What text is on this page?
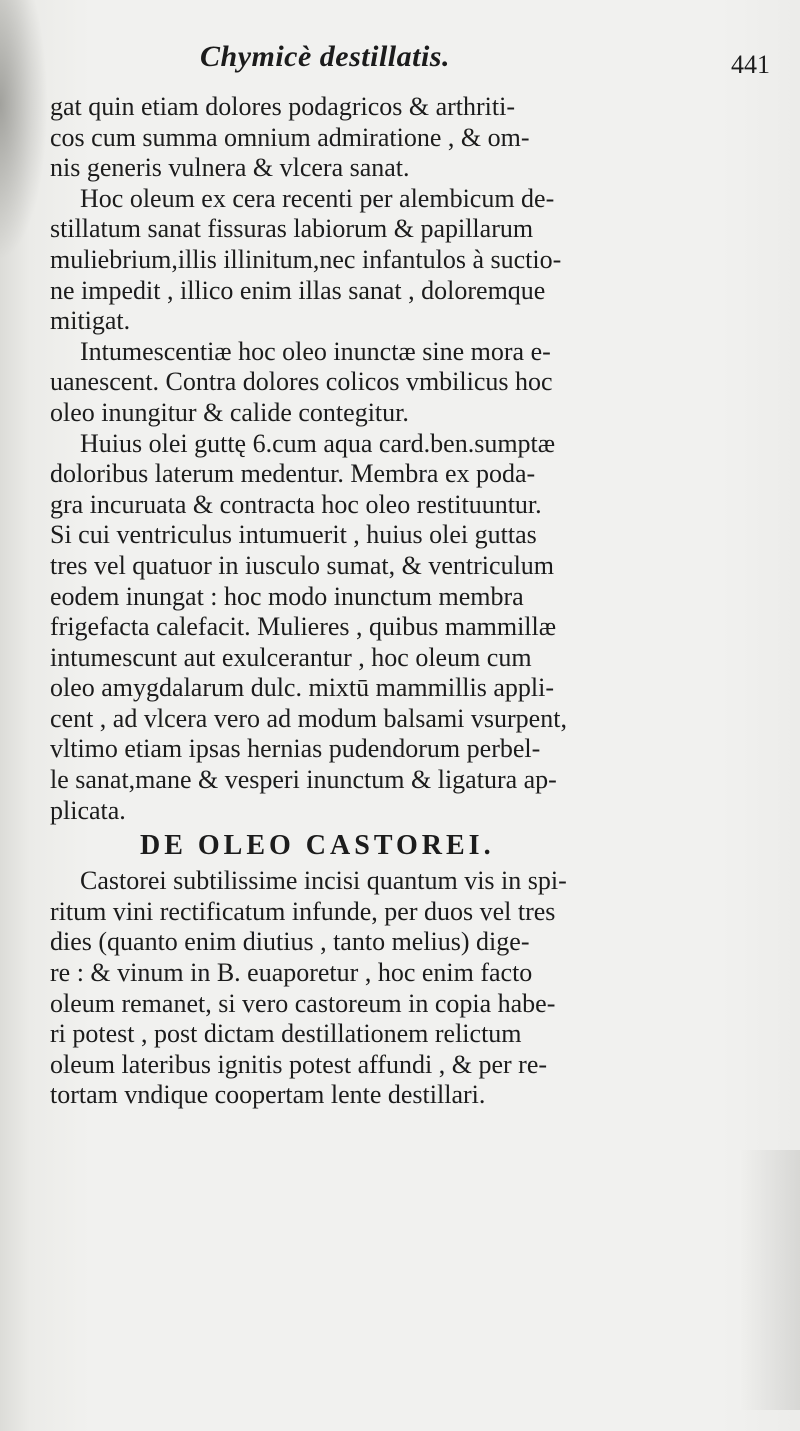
Chymicè destillatis.	441
gat quin etiam dolores podagricos & arthriti-
cos cum summa omnium admiratione , & om-
nis generis vulnera & vlcera sanat.
Hoc oleum ex cera recenti per alembicum de-
stillatum sanat fissuras labiorum & papillarum
muliebrium,illis illinitum,nec infantulos à suctio-
ne impedit , illico enim illas sanat , doloremque
mitigat.
Intumescentiæ hoc oleo inunctæ sine mora e-
uanescent. Contra dolores colicos vmbilicus hoc
oleo inungitur & calide contegitur.
Huius olei guttę 6.cum aqua card.ben.sumptæ
doloribus laterum medentur. Membra ex poda-
gra incuruata & contracta hoc oleo restituuntur.
Si cui ventriculus intumuerit , huius olei guttas
tres vel quatuor in iusculo sumat, & ventriculum
eodem inungat : hoc modo inunctum membra
frigefacta calefacit. Mulieres , quibus mammillæ
intumescunt aut exulcerantur , hoc oleum cum
oleo amygdalarum dulc. mixtū mammillis appli-
cent , ad vlcera vero ad modum balsami vsurpent,
vltimo etiam ipsas hernias pudendorum perbel-
le sanat,mane & vesperi inunctum & ligatura ap-
plicata.
DE OLEO CASTOREI.
Castorei subtilissime incisi quantum vis in spi-
ritum vini rectificatum infunde, per duos vel tres
dies (quanto enim diutius , tanto melius) dige-
re : & vinum in B. euaporetur , hoc enim facto
oleum remanet, si vero castoreum in copia habe-
ri potest , post dictam destillationem relictum
oleum lateribus ignitis potest affundi , & per re-
tortam vndique coopertam lente destillari.
